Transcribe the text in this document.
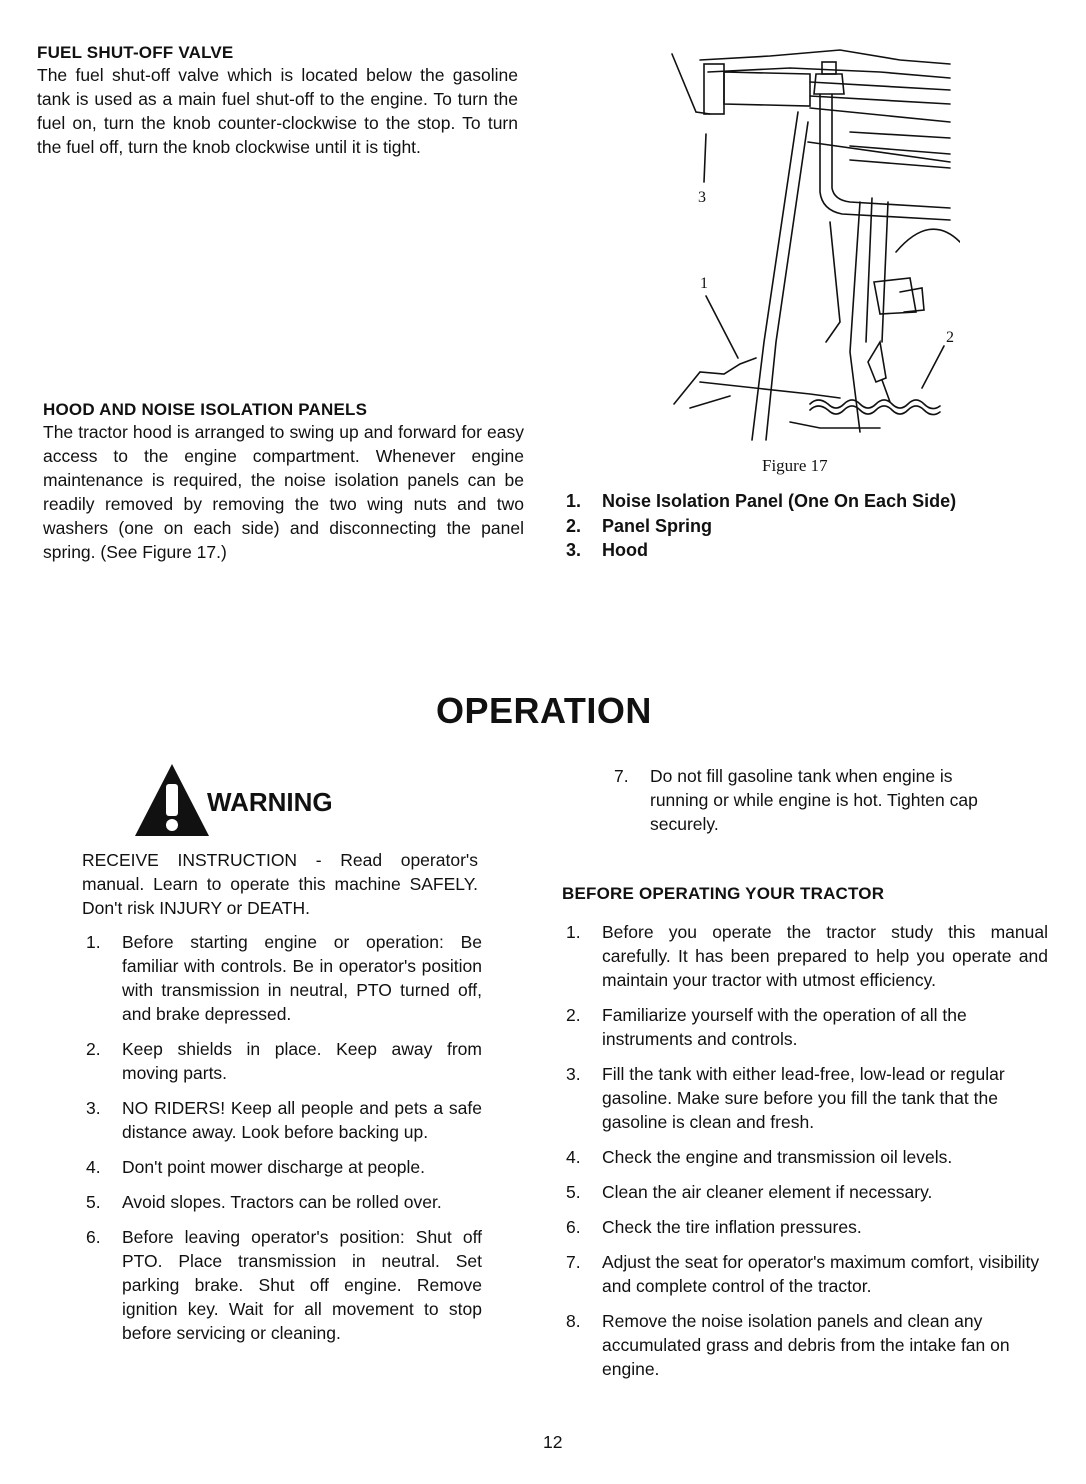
FUEL SHUT-OFF VALVE
The fuel shut-off valve which is located below the gasoline tank is used as a main fuel shut-off to the engine. To turn the fuel on, turn the knob counter-clockwise to the stop. To turn the fuel off, turn the knob clockwise until it is tight.
HOOD AND NOISE ISOLATION PANELS
The tractor hood is arranged to swing up and forward for easy access to the engine compartment. Whenever engine maintenance is required, the noise isolation panels can be readily removed by removing the two wing nuts and two washers (one on each side) and disconnecting the panel spring. (See Figure 17.)
3
1
2
Figure 17
1. Noise Isolation Panel (One On Each Side)
2. Panel Spring
3. Hood
OPERATION
WARNING
RECEIVE INSTRUCTION - Read operator's manual. Learn to operate this machine SAFELY. Don't risk INJURY or DEATH.
1. Before starting engine or operation: Be familiar with controls. Be in operator's position with transmission in neutral, PTO turned off, and brake depressed.
2. Keep shields in place. Keep away from moving parts.
3. NO RIDERS! Keep all people and pets a safe distance away. Look before backing up.
4. Don't point mower discharge at people.
5. Avoid slopes. Tractors can be rolled over.
6. Before leaving operator's position: Shut off PTO. Place transmission in neutral. Set parking brake. Shut off engine. Remove ignition key. Wait for all movement to stop before servicing or cleaning.
7. Do not fill gasoline tank when engine is running or while engine is hot. Tighten cap securely.
BEFORE OPERATING YOUR TRACTOR
1. Before you operate the tractor study this manual carefully. It has been prepared to help you operate and maintain your tractor with utmost efficiency.
2. Familiarize yourself with the operation of all the instruments and controls.
3. Fill the tank with either lead-free, low-lead or regular gasoline. Make sure before you fill the tank that the gasoline is clean and fresh.
4. Check the engine and transmission oil levels.
5. Clean the air cleaner element if necessary.
6. Check the tire inflation pressures.
7. Adjust the seat for operator's maximum comfort, visibility and complete control of the tractor.
8. Remove the noise isolation panels and clean any accumulated grass and debris from the intake fan on engine.
12
